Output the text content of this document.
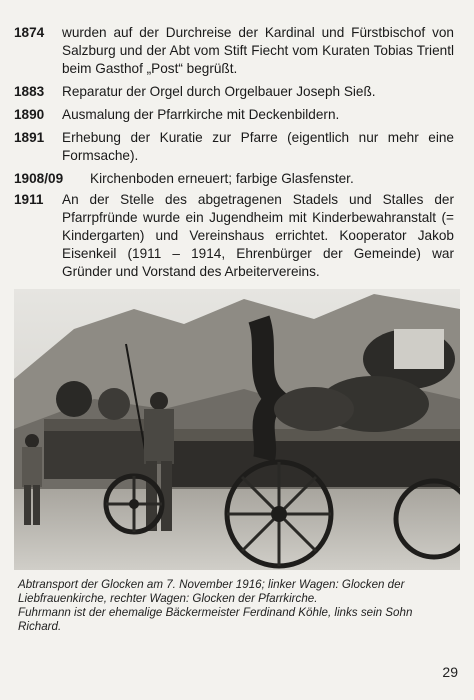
1874	wurden auf der Durchreise der Kardinal und Fürstbischof von Salzburg und der Abt vom Stift Fiecht vom Kuraten Tobias Trientl beim Gasthof „Post“ begrüßt.
1883	Reparatur der Orgel durch Orgelbauer Joseph Sieß.
1890	Ausmalung der Pfarrkirche mit Deckenbildern.
1891	Erhebung der Kuratie zur Pfarre (eigentlich nur mehr eine Formsache).
1908/09	Kirchenboden erneuert; farbige Glasfenster.
1911	An der Stelle des abgetragenen Stadels und Stalles der Pfarrpfründe wurde ein Jugendheim mit Kinderbewahranstalt (= Kindergarten) und Vereinshaus errichtet. Kooperator Jakob Eisenkeil (1911 – 1914, Ehrenbürger der Gemeinde) war Gründer und Vorstand des Arbeitervereins.
Abtransport der Glocken am 7. November 1916; linker Wagen: Glocken der Liebfrauenkirche, rechter Wagen: Glocken der Pfarrkirche.
Fuhrmann ist der ehemalige Bäckermeister Ferdinand Köhle, links sein Sohn Richard.
29
